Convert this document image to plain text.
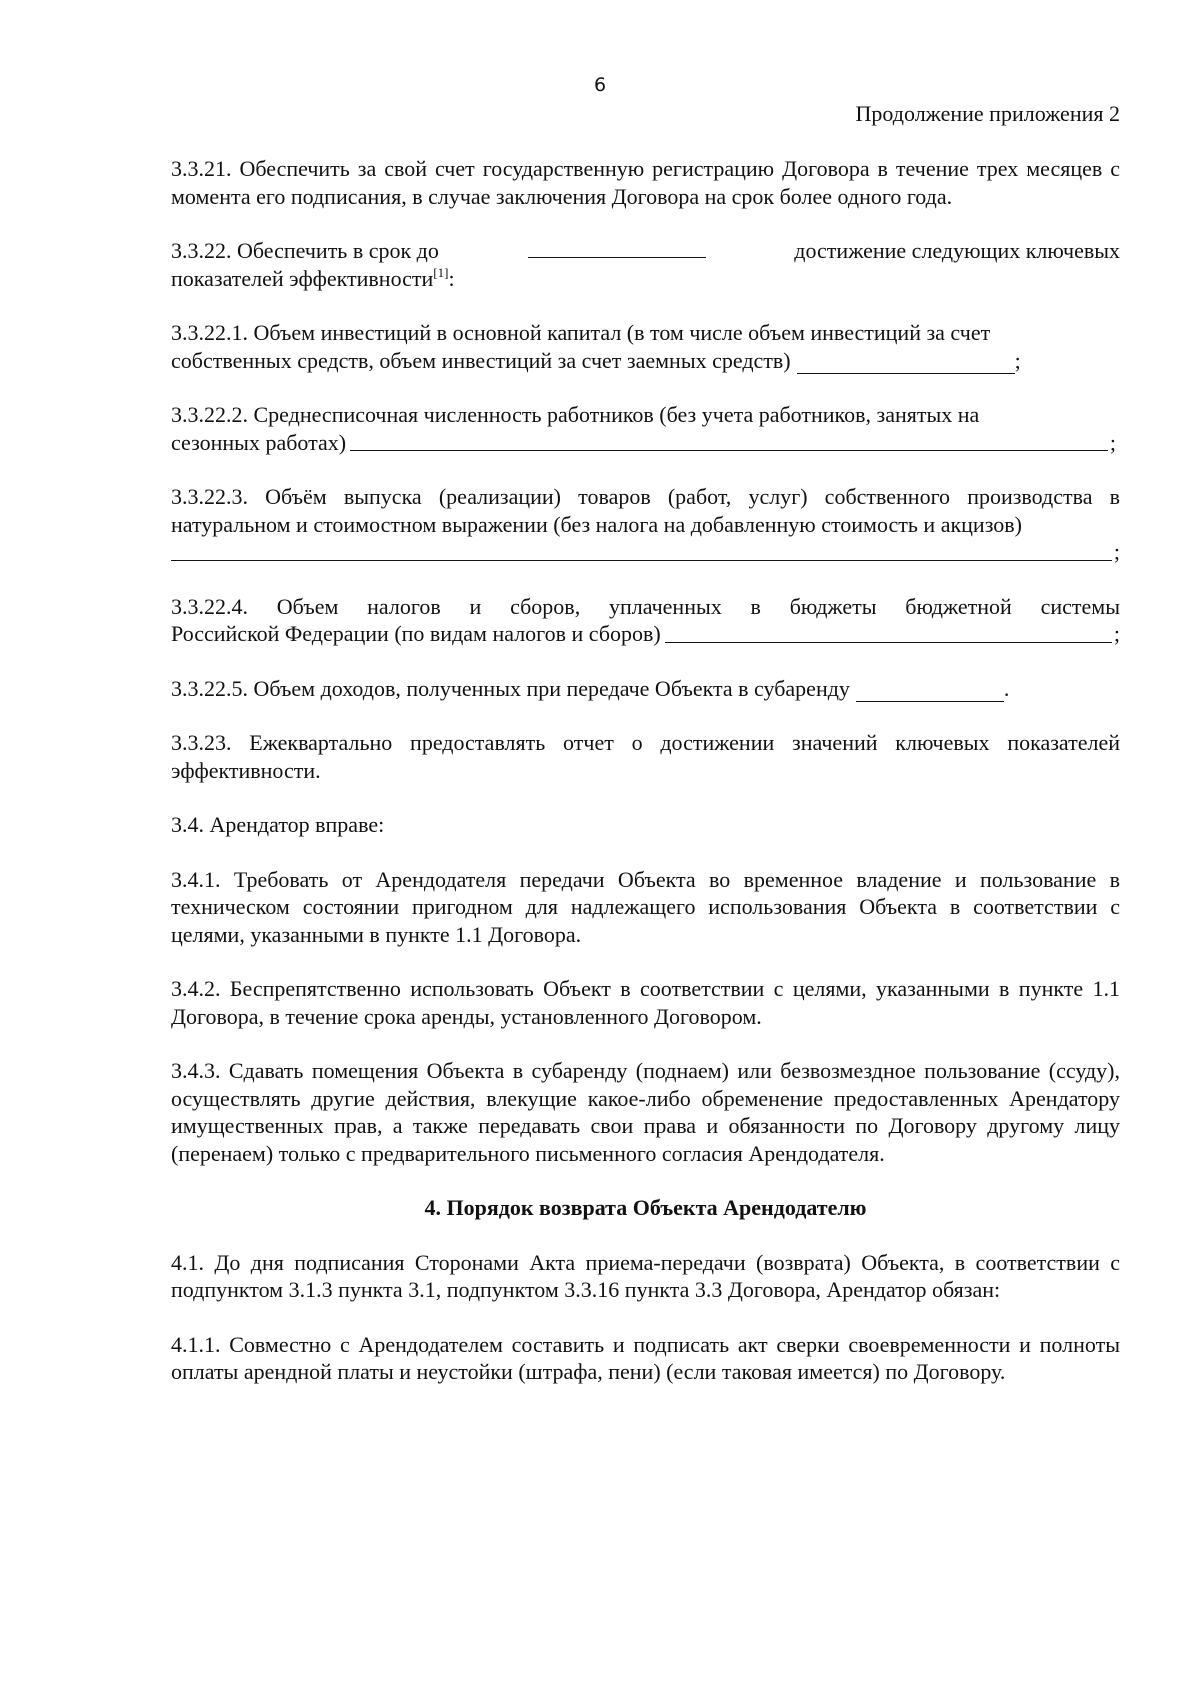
6
Продолжение приложения 2

3.3.21. Обеспечить за свой счет государственную регистрацию Договора в течение трех месяцев с момента его подписания, в случае заключения Договора на срок более одного года.

3.3.22. Обеспечить в срок до	достижение следующих ключевых
показателей эффективности[1]:
3.3.22.1. Объем инвестиций в основной капитал (в том числе объем инвестиций за счет
собственных средств, объем инвестиций за счет заемных средств)	;
3.3.22.2. Среднесписочная численность работников (без учета работников, занятых на
сезонных работах)	;
3.3.22.3. Объём выпуска (реализации) товаров (работ, услуг) собственного производства в натуральном и стоимостном выражении (без налога на добавленную стоимость и акцизов)
;
3.3.22.4. Объем налогов и сборов, уплаченных в бюджеты бюджетной системы
Российской Федерации (по видам налогов и сборов)	;
3.3.22.5. Объем доходов, полученных при передаче Объекта в субаренду	.

3.3.23. Ежеквартально предоставлять отчет о достижении значений ключевых показателей эффективности.

3.4. Арендатор вправе:

3.4.1. Требовать от Арендодателя передачи Объекта во временное владение и пользование в техническом состоянии пригодном для надлежащего использования Объекта в соответствии с целями, указанными в пункте 1.1 Договора.

3.4.2. Беспрепятственно использовать Объект в соответствии с целями, указанными в пункте 1.1 Договора, в течение срока аренды, установленного Договором.

3.4.3. Сдавать помещения Объекта в субаренду (поднаем) или безвозмездное пользование (ссуду), осуществлять другие действия, влекущие какое-либо обременение предоставленных Арендатору имущественных прав, а также передавать свои права и обязанности по Договору другому лицу (перенаем) только с предварительного письменного согласия Арендодателя.

4. Порядок возврата Объекта Арендодателю

4.1. До дня подписания Сторонами Акта приема-передачи (возврата) Объекта, в соответствии с подпунктом 3.1.3 пункта 3.1, подпунктом 3.3.16 пункта 3.3 Договора, Арендатор обязан:

4.1.1. Совместно с Арендодателем составить и подписать акт сверки своевременности и полноты оплаты арендной платы и неустойки (штрафа, пени) (если таковая имеется) по Договору.
